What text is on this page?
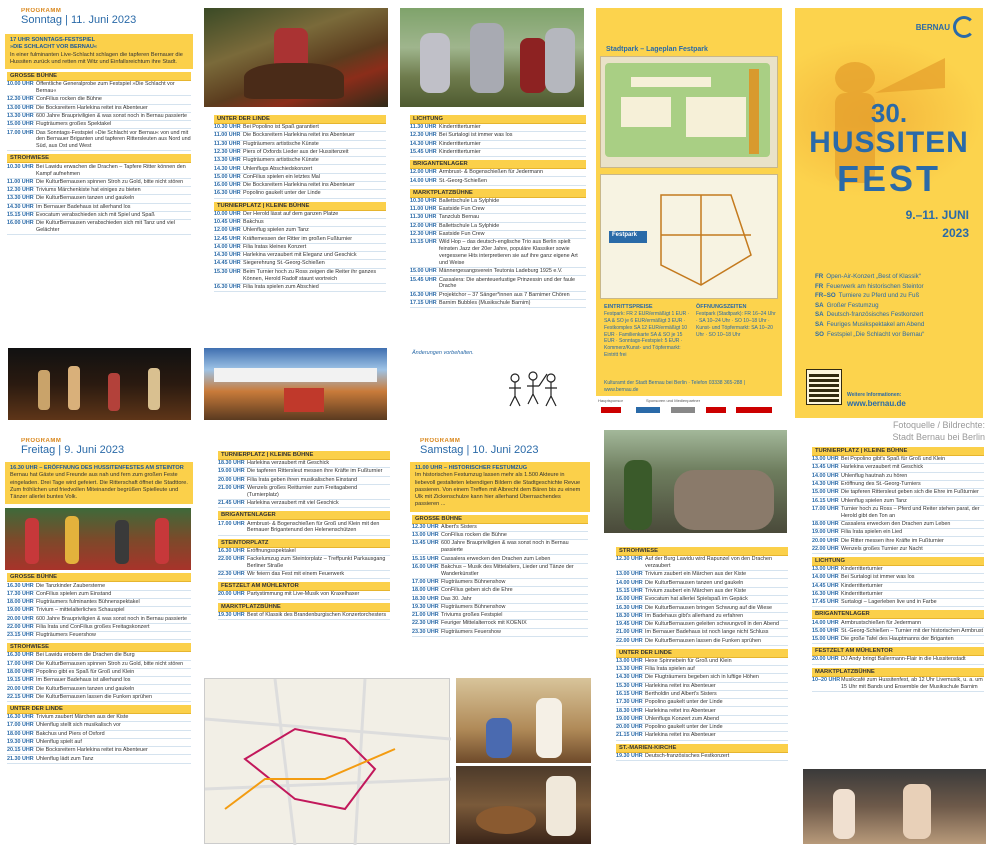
PROGRAMM
Sonntag | 11. Juni 2023
17 UHR SONNTAGS-FESTSPIEL
»DIE SCHLACHT VOR BERNAU«
In einer fulminanten Live-Schlacht schlagen die tapferen Bernauer die Hussiten zurück und retten mit Witz und Einfallsreichtum ihre Stadt.
GROSSE BÜHNE
10.00 UHR Öffentliche Generalprobe zum Festspiel »Die Schlacht vor Bernau«
12.30 UHR ConFilius rocken die Bühne
13.00 UHR Die Bocksreitern Harlekina reitet ins Abenteuer
13.30 UHR 600 Jahre Braupriviligien & was sonst noch in Bernau passierte
15.00 UHR Flugträumers großes Spektakel
17.00 UHR Das Sonntags-Festspiel »Die Schlacht vor Bernau« von und mit den Bernauer Briganten und tapferen Rittersleuten aus Nord und Süd, aus Ost und West
STROHWIESE
10.30 UHR Bei Lawidu erwachen die Drachen – Tapfere Ritter können den Kampf aufnehmen
11.00 UHR Die KulturBernausen spinnen Stroh zu Gold, bitte nicht stören
12.30 UHR Triviums Märchenkiste hat einiges zu bieten
13.30 UHR Die KulturBernausen tanzen und gaukeln
14.30 UHR Im Bernauer Badehaus ist allerhand los
15.15 UHR Evocatum verabschieden sich mit Spiel und Spaß
16.00 UHR Die KulturBernausen verabschieden sich mit Tanz und viel Gelächter
UNTER DER LINDE
10.30 UHR Bei Popolino ist Spaß garantiert
11.00 UHR Die Bocksreitern Harlekina reitet ins Abenteuer
11.30 UHR Flugträumers artistische Künste
12.30 UHR Piers of Oxfords Lieder aus der Hussitenzeit
13.30 UHR Flugträumers artistische Künste
14.30 UHR Uhlenflugs Abschiedskonzert
15.00 UHR ConFilius spielen ein letztes Mal
16.00 UHR Die Bocksreitern Harlekina reitet ins Abenteuer
16.30 UHR Popolino gaukelt unter der Linde
TURNIERPLATZ | KLEINE BÜHNE
10.00 UHR Der Herold lässt auf dem ganzen Platze
10.45 UHR Bakchus
12.00 UHR Uhlenflug spielen zum Tanz
12.45 UHR Kräftemessen der Ritter im großen Fußturnier
14.00 UHR Filia Iratas kleines Konzert
14.30 UHR Harlekina verzaubert mit Eleganz und Geschick
14.45 UHR Siegerehrung St.-Georg-Schießen
15.30 UHR Beim Turnier hoch zu Ross zeigen die Reiter ihr ganzes Können, Herold Radolf staunt wortreich
16.30 UHR Filia Irata spielen zum Abschied
LICHTUNG
11.30 UHR Kinderritterturnier
12.30 UHR Bei Surtalogi ist immer was los
14.30 UHR Kinderritterturnier
15.45 UHR Kinderritterturnier
BRIGANTENLAGER
12.00 UHR Armbrust- & Bogenschießen für Jedermann
14.00 UHR St.-Georg-Schießen
MARKTPLATZBÜHNE
10.30 UHR Ballettschule La Sylphide
11.00 UHR Eastside Fun Crew
11.30 UHR Tanzclub Bernau
12.00 UHR Ballettschule La Sylphide
12.30 UHR Eastside Fun Crew
13.15 UHR Wild Hop – das deutsch-englische Trio aus Berlin spielt feinsten Jazz der 20er Jahre, populäre Klassiker sowie vergessene Hits interpretieren sie auf ihre ganz eigene Art und Weise
15.00 UHR Männergesangsverein Teutonia Ladeburg 1925 e.V.
15.45 UHR Cassalera: Die abenteuerlustige Prinzessin und der faule Drache
16.30 UHR Projektchor – 37 Sänger*innen aus 7 Barnimer Chören
17.15 UHR Barnim Bubbles (Musikschule Barnim)
Änderungen vorbehalten.
Stadtpark – Lageplan Festpark
Festpark
EINTRITTSPREISE
Festpark: FR 2 EUR/ermäßigt 1 EUR · SA & SO je 6 EUR/ermäßigt 3 EUR · Festkomplex SA 12 EUR/ermäßigt 10 EUR · Familienkarte SA & SO je 15 EUR · Sonntags-Festspiel: 5 EUR · Kommerz/Kunst- und Töpfermarkt: Eintritt frei
ÖFFNUNGSZEITEN
Festpark (Stadtpark): FR 16–24 Uhr · SA 10–24 Uhr · SO 10–18 Uhr · Kunst- und Töpfermarkt: SA 10–20 Uhr · SO 10–18 Uhr
Kulturamt der Stadt Bernau bei Berlin · Telefon 03338 365-288 | www.bernau.de
Hauptsponsor	Sponsoren und Medienpartner
BERNAU
30.
HUSSITEN
FEST
9.–11. JUNI
2023
FR Open-Air-Konzert „Best of Klassik“
FR Feuerwerk am historischen Steintor
FR–SO Turniere zu Pferd und zu Fuß
SA Großer Festumzug
SA Deutsch-französisches Festkonzert
SA Feuriges Musikspektakel am Abend
SO Festspiel „Die Schlacht vor Bernau“
Weitere Informationen:
www.bernau.de
Fotoquelle / Bildrechte:
Stadt Bernau bei Berlin
PROGRAMM
Freitag | 9. Juni 2023
16.30 UHR – ERÖFFNUNG DES HUSSITENFESTES AM STEINTOR
Bernau hat Gäste und Freunde aus nah und fern zum großen Feste eingeladen. Drei Tage wird gefeiert. Die Ritterschaft öffnet die Stadttore. Zum fröhlichen und friedvollen Miteinander begrüßen Spielleute und Tänzer allerlei buntes Volk.
GROSSE BÜHNE
16.30 UHR Die Tanzkinder Zaubersterne
17.30 UHR ConFilius spielen zum Einstand
18.00 UHR Flugträumers fulminantes Bühnenspektakel
19.00 UHR Trivium – mittelalterliches Schauspiel
20.00 UHR 600 Jahre Braupriviligien & was sonst noch in Bernau passierte
22.00 UHR Filia Irata und ConFilius großes Freitagskonzert
23.15 UHR Flugträumers Feuershow
STROHWIESE
16.30 UHR Bei Lawidu erobern die Drachen die Burg
17.00 UHR Die KulturBernausen spinnen Stroh zu Gold, bitte nicht stören
18.00 UHR Popolino gibt es Spaß für Groß und Klein
19.15 UHR Im Bernauer Badehaus ist allerhand los
20.00 UHR Die KulturBernausen tanzen und gaukeln
22.15 UHR Die KulturBernausen lassen die Funken sprühen
UNTER DER LINDE
16.30 UHR Trivium zaubert Märchen aus der Kiste
17.00 UHR Uhlenflug stellt sich musikalisch vor
18.00 UHR Bakchus und Piers of Oxford
19.30 UHR Uhlenflug spielt auf
20.15 UHR Die Bocksreitern Harlekina reitet ins Abenteuer
21.30 UHR Uhlenflug lädt zum Tanz
TURNIERPLATZ | KLEINE BÜHNE
18.30 UHR Harlekina verzaubert mit Geschick
19.00 UHR Die tapferen Rittersleut messen ihre Kräfte im Fußturnier
20.00 UHR Filia Irata geben ihren musikalischen Einstand
21.00 UHR Wenzels großes Reitturnier zum Freitagabend (Turnierplatz)
21.45 UHR Harlekina verzaubert mit viel Geschick
BRIGANTENLAGER
17.00 UHR Armbrust- & Bogenschießen für Groß und Klein mit den Bernauer Brigantenund den Helenenschützen
STEINTORPLATZ
16.30 UHR Eröffnungsspektakel
22.00 UHR Fackelumzug zum Steintorplatz – Treffpunkt Parkausgang Berliner Straße
22.30 UHR Wir feiern das Fest mit einem Feuerwerk
FESTZELT AM MÜHLENTOR
20.00 UHR Partystimmung mit Live-Musik von Kraxelhaxer
MARKTPLATZBÜHNE
19.30 UHR Best of Klassik des Brandenburgischen Konzertorchesters
PROGRAMM
Samstag | 10. Juni 2023
11.00 UHR – HISTORISCHER FESTUMZUG
Im historischen Festumzug lassen mehr als 1.500 Akteure in liebevoll gestalteten lebendigen Bildern die Stadtgeschichte Revue passieren. Von einem Treffen mit Albrecht dem Bären bis zu einem Ulk mit Zickenschulze kann hier allerhand Überraschendes passieren ...
GROSSE BÜHNE
12.30 UHR Albert's Sisters
13.00 UHR ConFilius rocken die Bühne
13.45 UHR 600 Jahre Braupriviligien & was sonst noch in Bernau passierte
15.15 UHR Cassalera erwecken den Drachen zum Leben
16.00 UHR Bakchus – Musik des Mittelalters, Lieder und Tänze der Wanderkünstler
17.00 UHR Flugträumers Bühnenshow
18.00 UHR ConFilius geben sich die Ehre
18.30 UHR Das 30. Jahr
19.30 UHR Flugträumers Bühnenshow
21.00 UHR Triviums großes Festspiel
22.30 UHR Feuriger Mittelalterrock mit KOENIX
23.30 UHR Flugträumers Feuershow
STROHWIESE
12.30 UHR Auf der Burg Lawidu wird Rapunzel von den Drachen verzaubert
13.00 UHR Trivium zaubert ein Märchen aus der Kiste
14.00 UHR Die KulturBernausen tanzen und gaukeln
15.15 UHR Trivium zaubert ein Märchen aus der Kiste
16.00 UHR Evocatum hat allerlei Spielspaß im Gepäck
16.30 UHR Die KulturBernausen bringen Schwung auf die Wiese
18.30 UHR Im Badehaus gibt's allerhand zu erfahren
19.45 UHR Die KulturBernausen geleiten schwungvoll in den Abend
21.00 UHR Im Bernauer Badehaus ist noch lange nicht Schluss
22.00 UHR Die KulturBernausen lassen die Funken sprühen
UNTER DER LINDE
13.00 UHR Hexe Spinnebein für Groß und Klein
13.30 UHR Filia Irata spielen auf
14.30 UHR Die Flugträumers begeben sich in luftige Höhen
15.30 UHR Harlekina reitet ins Abenteuer
16.15 UHR Bertholdin und Albert's Sisters
17.30 UHR Popolino gaukelt unter der Linde
18.30 UHR Harlekina reitet ins Abenteuer
19.00 UHR Uhlenflugs Konzert zum Abend
20.00 UHR Popolino gaukelt unter der Linde
21.15 UHR Harlekina reitet ins Abenteuer
ST.-MARIEN-KIRCHE
19.30 UHR Deutsch-französisches Festkonzert
TURNIERPLATZ | KLEINE BÜHNE
13.00 UHR Bei Popolino gibt's Spaß für Groß und Klein
13.45 UHR Harlekina verzaubert mit Geschick
14.00 UHR Uhlenflug hautnah zu hören
14.30 UHR Eröffnung des St.-Georg-Turniers
15.00 UHR Die tapferen Rittersleut geben sich die Ehre im Fußturnier
16.15 UHR Uhlenflug spielen zum Tanz
17.00 UHR Turnier hoch zu Ross – Pferd und Reiter stehen parat, der Herold gibt den Ton an
18.00 UHR Cassalera erwecken den Drachen zum Leben
19.00 UHR Filia Irata spielen ein Lied
20.00 UHR Die Ritter messen ihre Kräfte im Fußturnier
22.00 UHR Wenzels großes Turnier zur Nacht
LICHTUNG
13.00 UHR Kinderritterturnier
14.00 UHR Bei Surtalogi ist immer was los
14.45 UHR Kinderritterturnier
16.30 UHR Kinderritterturnier
17.45 UHR Surtalogi – Lagerleben live und in Farbe
BRIGANTENLAGER
14.00 UHR Armbrustschießen für Jedermann
15.00 UHR St.-Georg-Schießen – Turnier mit der historischen Armbrust
15.00 UHR Die große Tafel des Hauptmanns der Briganten
FESTZELT AM MÜHLENTOR
20.00 UHR DJ Andy bringt Ballermann-Flair in die Hussitenstadt
MARKTPLATZBÜHNE
10–20 UHR Musikcafé zum Hussitenfest, ab 12 Uhr Livemusik, u. a. um 15 Uhr mit Bands und Ensemble der Musikschule Barnim
